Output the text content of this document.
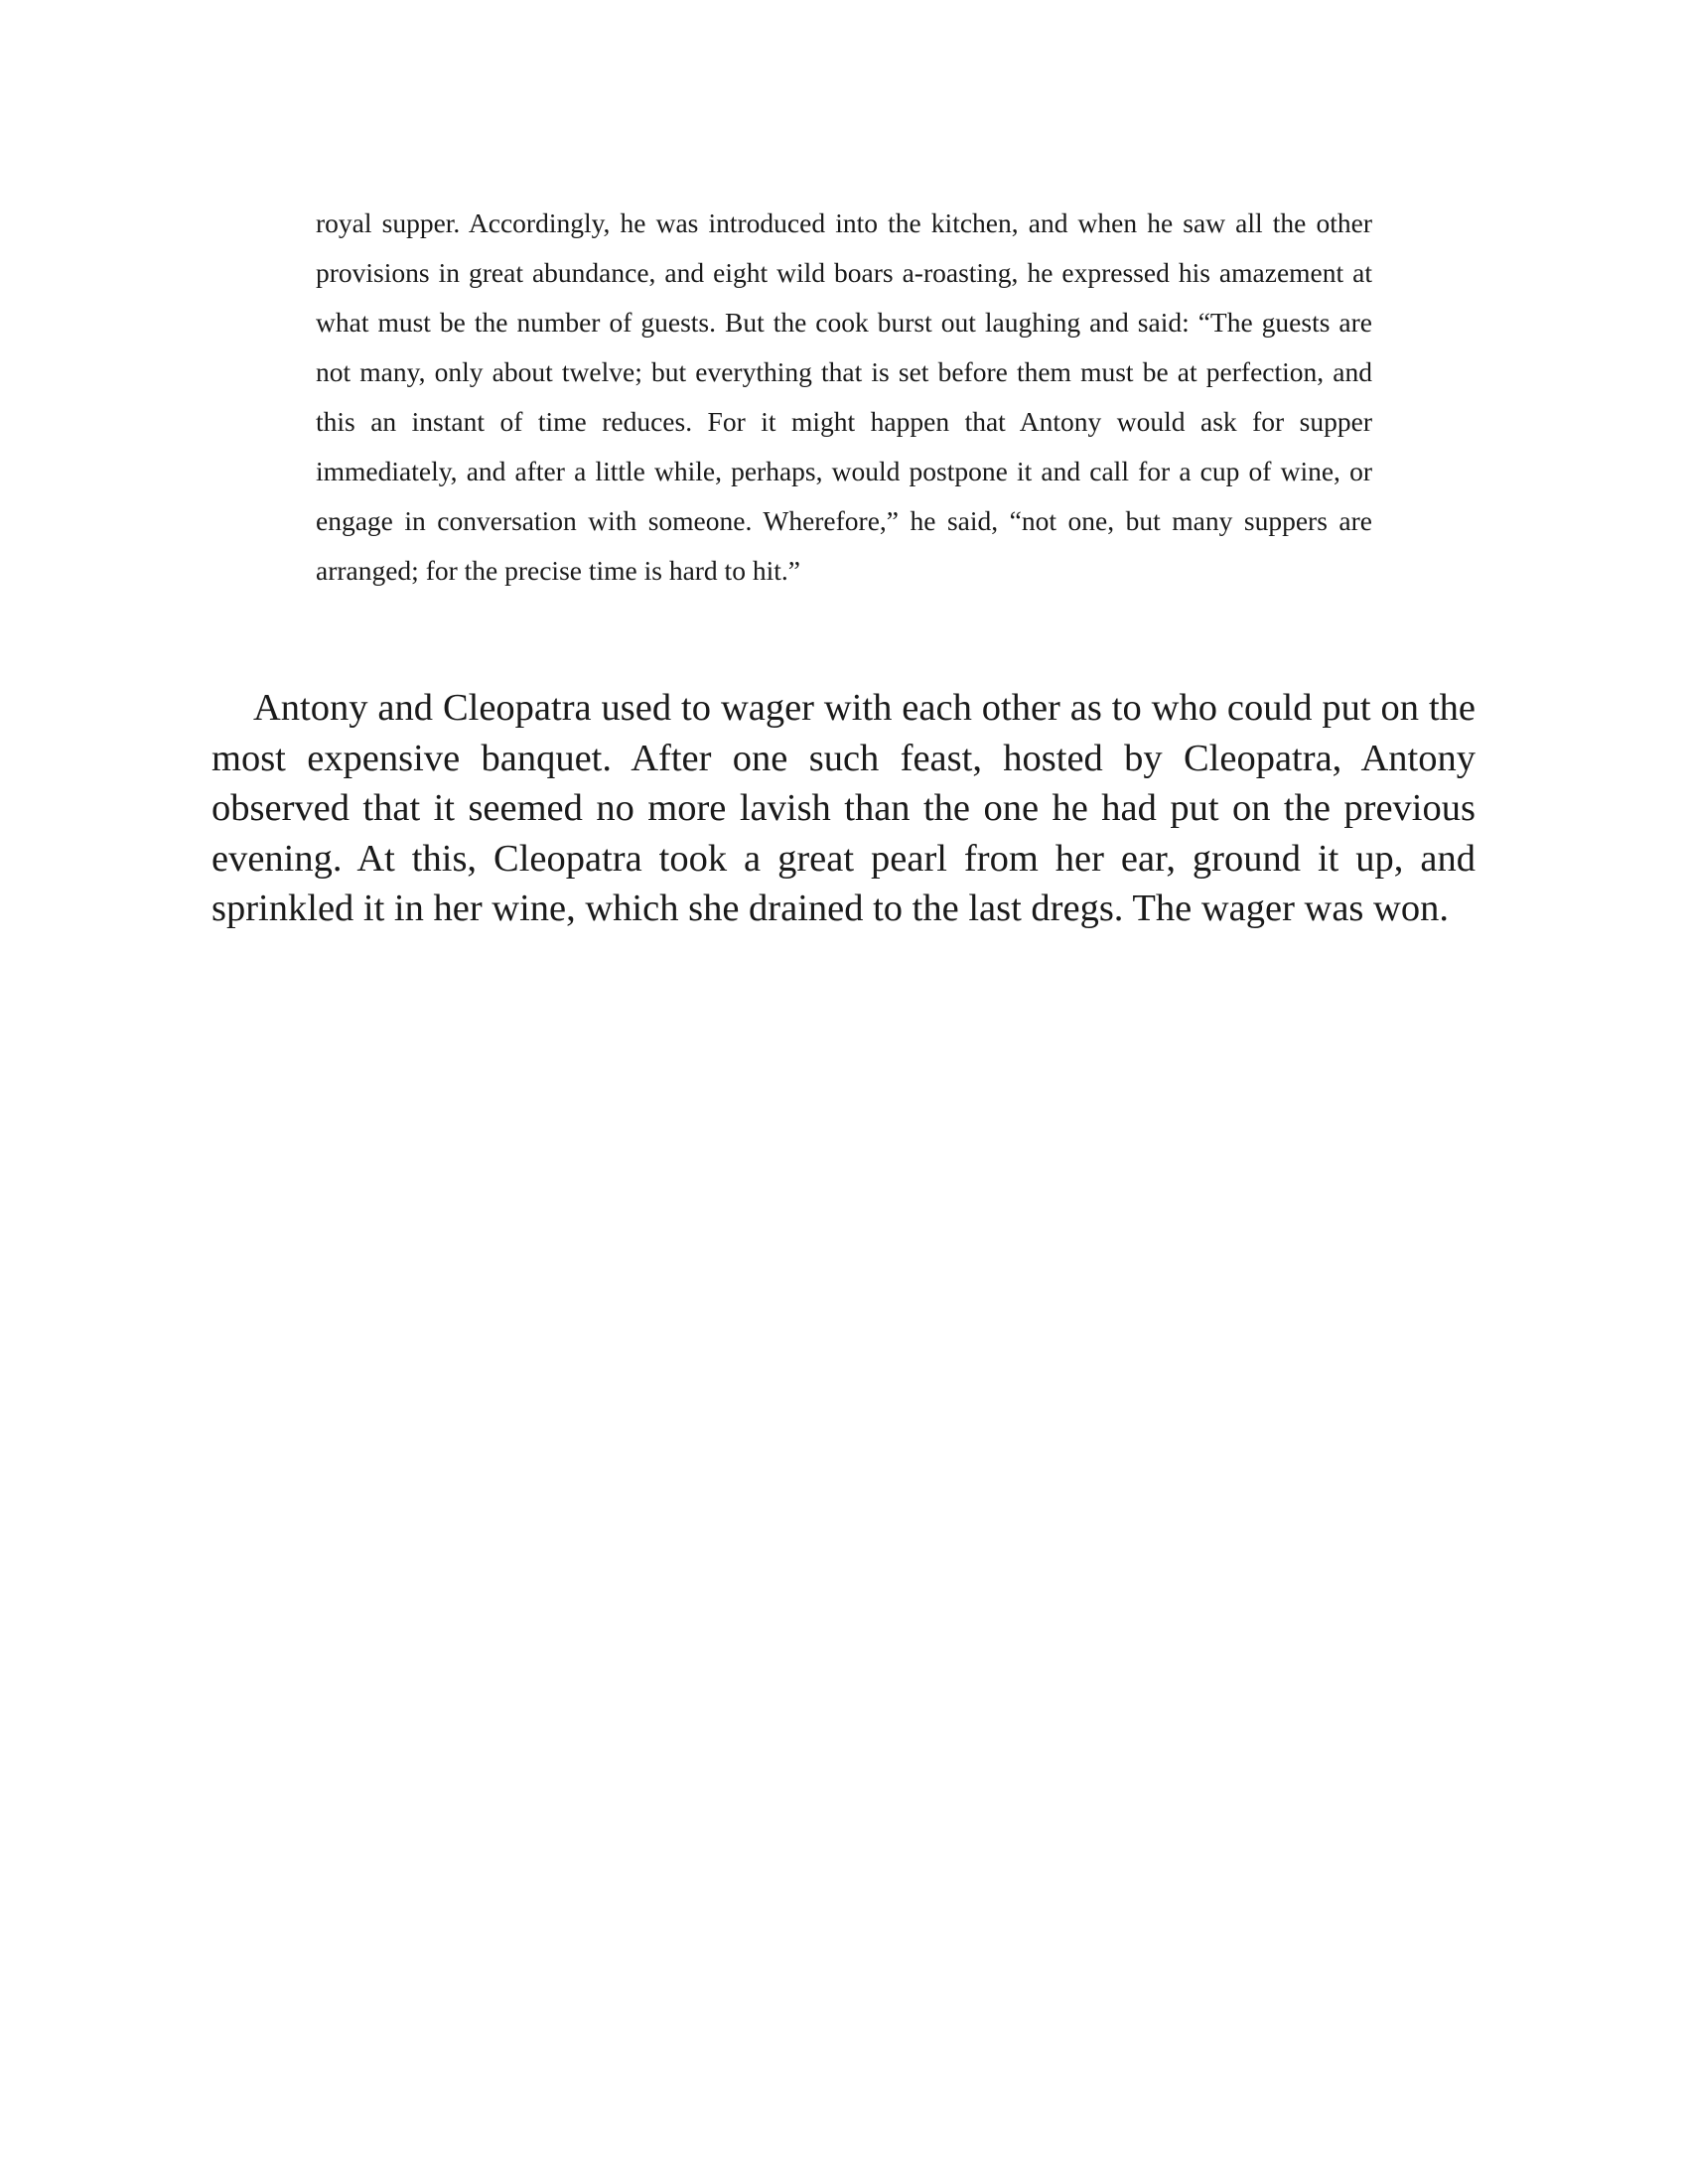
royal supper. Accordingly, he was introduced into the kitchen, and when he saw all the other provisions in great abundance, and eight wild boars a-roasting, he expressed his amazement at what must be the number of guests. But the cook burst out laughing and said: “The guests are not many, only about twelve; but everything that is set before them must be at perfection, and this an instant of time reduces. For it might happen that Antony would ask for supper immediately, and after a little while, perhaps, would postpone it and call for a cup of wine, or engage in conversation with someone. Wherefore,” he said, “not one, but many suppers are arranged; for the precise time is hard to hit.”

Antony and Cleopatra used to wager with each other as to who could put on the most expensive banquet. After one such feast, hosted by Cleopatra, Antony observed that it seemed no more lavish than the one he had put on the previous evening. At this, Cleopatra took a great pearl from her ear, ground it up, and sprinkled it in her wine, which she drained to the last dregs. The wager was won.
